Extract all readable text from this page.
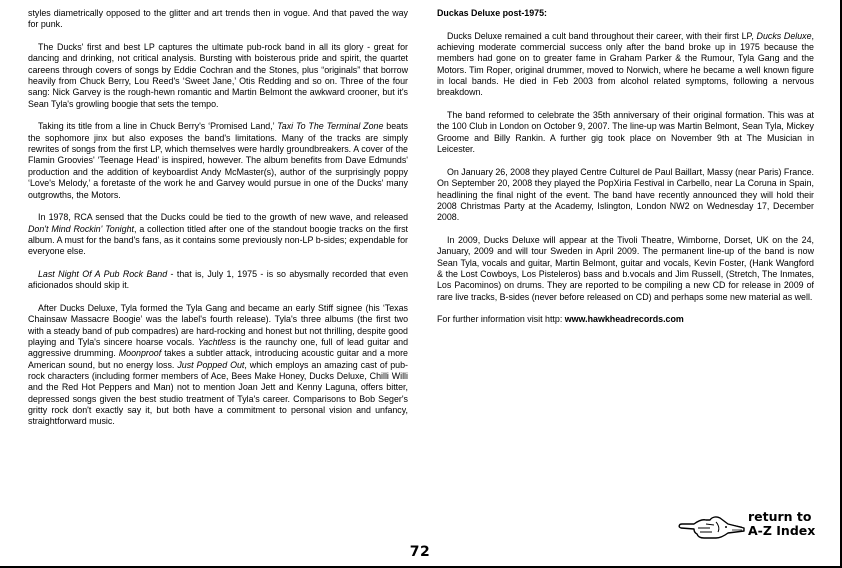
styles diametrically opposed to the glitter and art trends then in vogue. And that paved the way for punk.

The Ducks' first and best LP captures the ultimate pub-rock band in all its glory - great for dancing and drinking, not critical analysis. Bursting with boisterous pride and spirit, the quartet careens through covers of songs by Eddie Cochran and the Stones, plus “originals” that borrow heavily from Chuck Berry, Lou Reed's ‘Sweet Jane,’ Otis Redding and so on. Three of the four sang: Nick Garvey is the rough-hewn romantic and Martin Belmont the awkward crooner, but it's Sean Tyla's growling boogie that sets the tempo.

Taking its title from a line in Chuck Berry's ‘Promised Land,’ Taxi To The Terminal Zone beats the sophomore jinx but also exposes the band's limitations. Many of the tracks are simply rewrites of songs from the first LP, which themselves were hardly groundbreakers. A cover of the Flamin Groovies' ‘Teenage Head’ is inspired, however. The album benefits from Dave Edmunds' production and the addition of keyboardist Andy McMaster(s), author of the surprisingly poppy ‘Love's Melody,’ a foretaste of the work he and Garvey would pursue in one of the Ducks' many outgrowths, the Motors.

In 1978, RCA sensed that the Ducks could be tied to the growth of new wave, and released Don't Mind Rockin' Tonight, a collection titled after one of the standout boogie tracks on the first album. A must for the band's fans, as it contains some previously non-LP b-sides; expendable for everyone else.

Last Night Of A Pub Rock Band - that is, July 1, 1975 - is so abysmally recorded that even aficionados should skip it.

After Ducks Deluxe, Tyla formed the Tyla Gang and became an early Stiff signee (his ‘Texas Chainsaw Massacre Boogie’ was the label's fourth release). Tyla's three albums (the first two with a steady band of pub compadres) are hard-rocking and honest but not thrilling, despite good playing and Tyla's sincere hoarse vocals. Yachtless is the raunchy one, full of lead guitar and aggressive drumming. Moonproof takes a subtler attack, introducing acoustic guitar and a more American sound, but no energy loss. Just Popped Out, which employs an amazing cast of pub-rock characters (including former members of Ace, Bees Make Honey, Ducks Deluxe, Chilli Willi and the Red Hot Peppers and Man) not to mention Joan Jett and Kenny Laguna, offers bitter, depressed songs given the best studio treatment of Tyla's career. Comparisons to Bob Seger's gritty rock don't exactly say it, but both have a commitment to personal vision and unfancy, straightforward music.

Duckas Deluxe post-1975:

Ducks Deluxe remained a cult band throughout their career, with their first LP, Ducks Deluxe, achieving moderate commercial success only after the band broke up in 1975 because the members had gone on to greater fame in Graham Parker & the Rumour, Tyla Gang and the Motors. Tim Roper, original drummer, moved to Norwich, where he became a well known figure in local bands. He died in Feb 2003 from alcohol related symptoms, following a nervous breakdown.

The band reformed to celebrate the 35th anniversary of their original formation. This was at the 100 Club in London on October 9, 2007. The line-up was Martin Belmont, Sean Tyla, Mickey Groome and Billy Rankin. A further gig took place on November 9th at The Musician in Leicester.

On January 26, 2008 they played Centre Culturel de Paul Baillart, Massy (near Paris) France. On September 20, 2008 they played the PopXiria Festival in Carbello, near La Coruna in Spain, headlining the final night of the event. The band have recently announced they will hold their 2008 Christmas Party at the Academy, Islington, London NW2 on Wednesday 17, December 2008.

In 2009, Ducks Deluxe will appear at the Tivoli Theatre, Wimborne, Dorset, UK on the 24, January, 2009 and will tour Sweden in April 2009. The permanent line-up of the band is now Sean Tyla, vocals and guitar, Martin Belmont, guitar and vocals, Kevin Foster, (Hank Wangford & the Lost Cowboys, Los Pisteleros) bass and b.vocals and Jim Russell, (Stretch, The Inmates, Los Pacominos) on drums. They are reported to be compiling a new CD for release in 2009 of rare live tracks, B-sides (never before released on CD) and perhaps some new material as well.

For further information visit http: www.hawkheadrecords.com

return to
A-Z Index
72
